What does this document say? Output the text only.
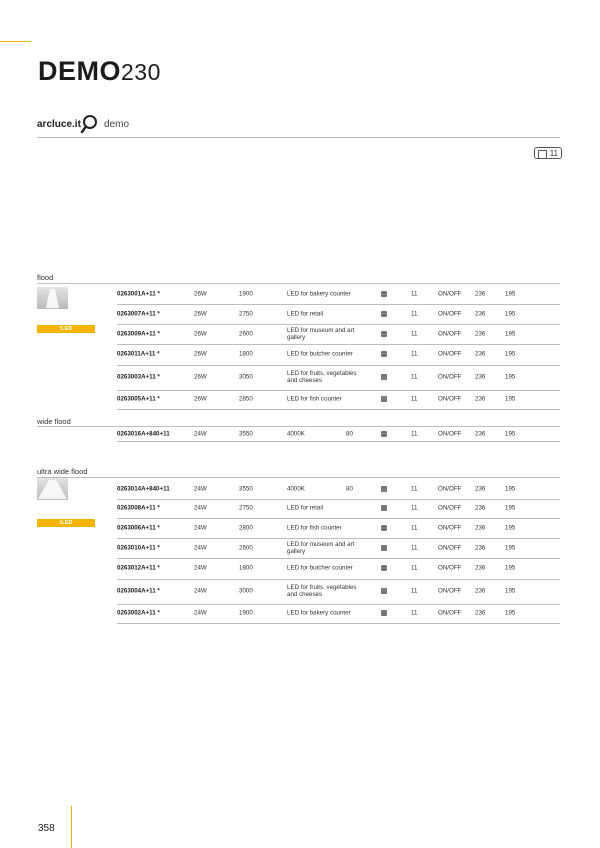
DEMO230
arcluce.it demo
11
flood
!LED PROFESSIONAL
0263001A+11 *	26W	1900	LED for bakery counter	11	ON/OFF 236	195
0263007A+11 *	26W	2750	LED for retail	11	ON/OFF 236	195
0263009A+11 *	26W	2600	LED for museum and art gallery	11	ON/OFF 236	195
0263011A+11 *	26W	1800	LED for butcher counter	11	ON/OFF 236	195
0263003A+11 *	26W	3050	LED for fruits, vegetables and cheeses	11	ON/OFF 236	195
0263005A+11 *	26W	2850	LED for fish counter	11	ON/OFF 236	195
wide flood
0263016A+840+11	24W	3550	4000K	80	11	ON/OFF 236	195
ultra wide flood
!LED PROFESSIONAL
0263014A+840+11	24W	3550	4000K	80	11	ON/OFF 236	195
0263008A+11 *	24W	2750	LED for retail	11	ON/OFF 236	195
0263006A+11 *	24W	2800	LED for fish counter	11	ON/OFF 236	195
0263010A+11 *	24W	2600	LED for museum and art gallery	11	ON/OFF 236	195
0263012A+11 *	24W	1800	LED for butcher counter	11	ON/OFF 236	195
0263004A+11 *	24W	3000	LED for fruits, vegetables and cheeses	11	ON/OFF 236	195
0263002A+11 *	24W	1900	LED for bakery counter	11	ON/OFF 236	195
358
